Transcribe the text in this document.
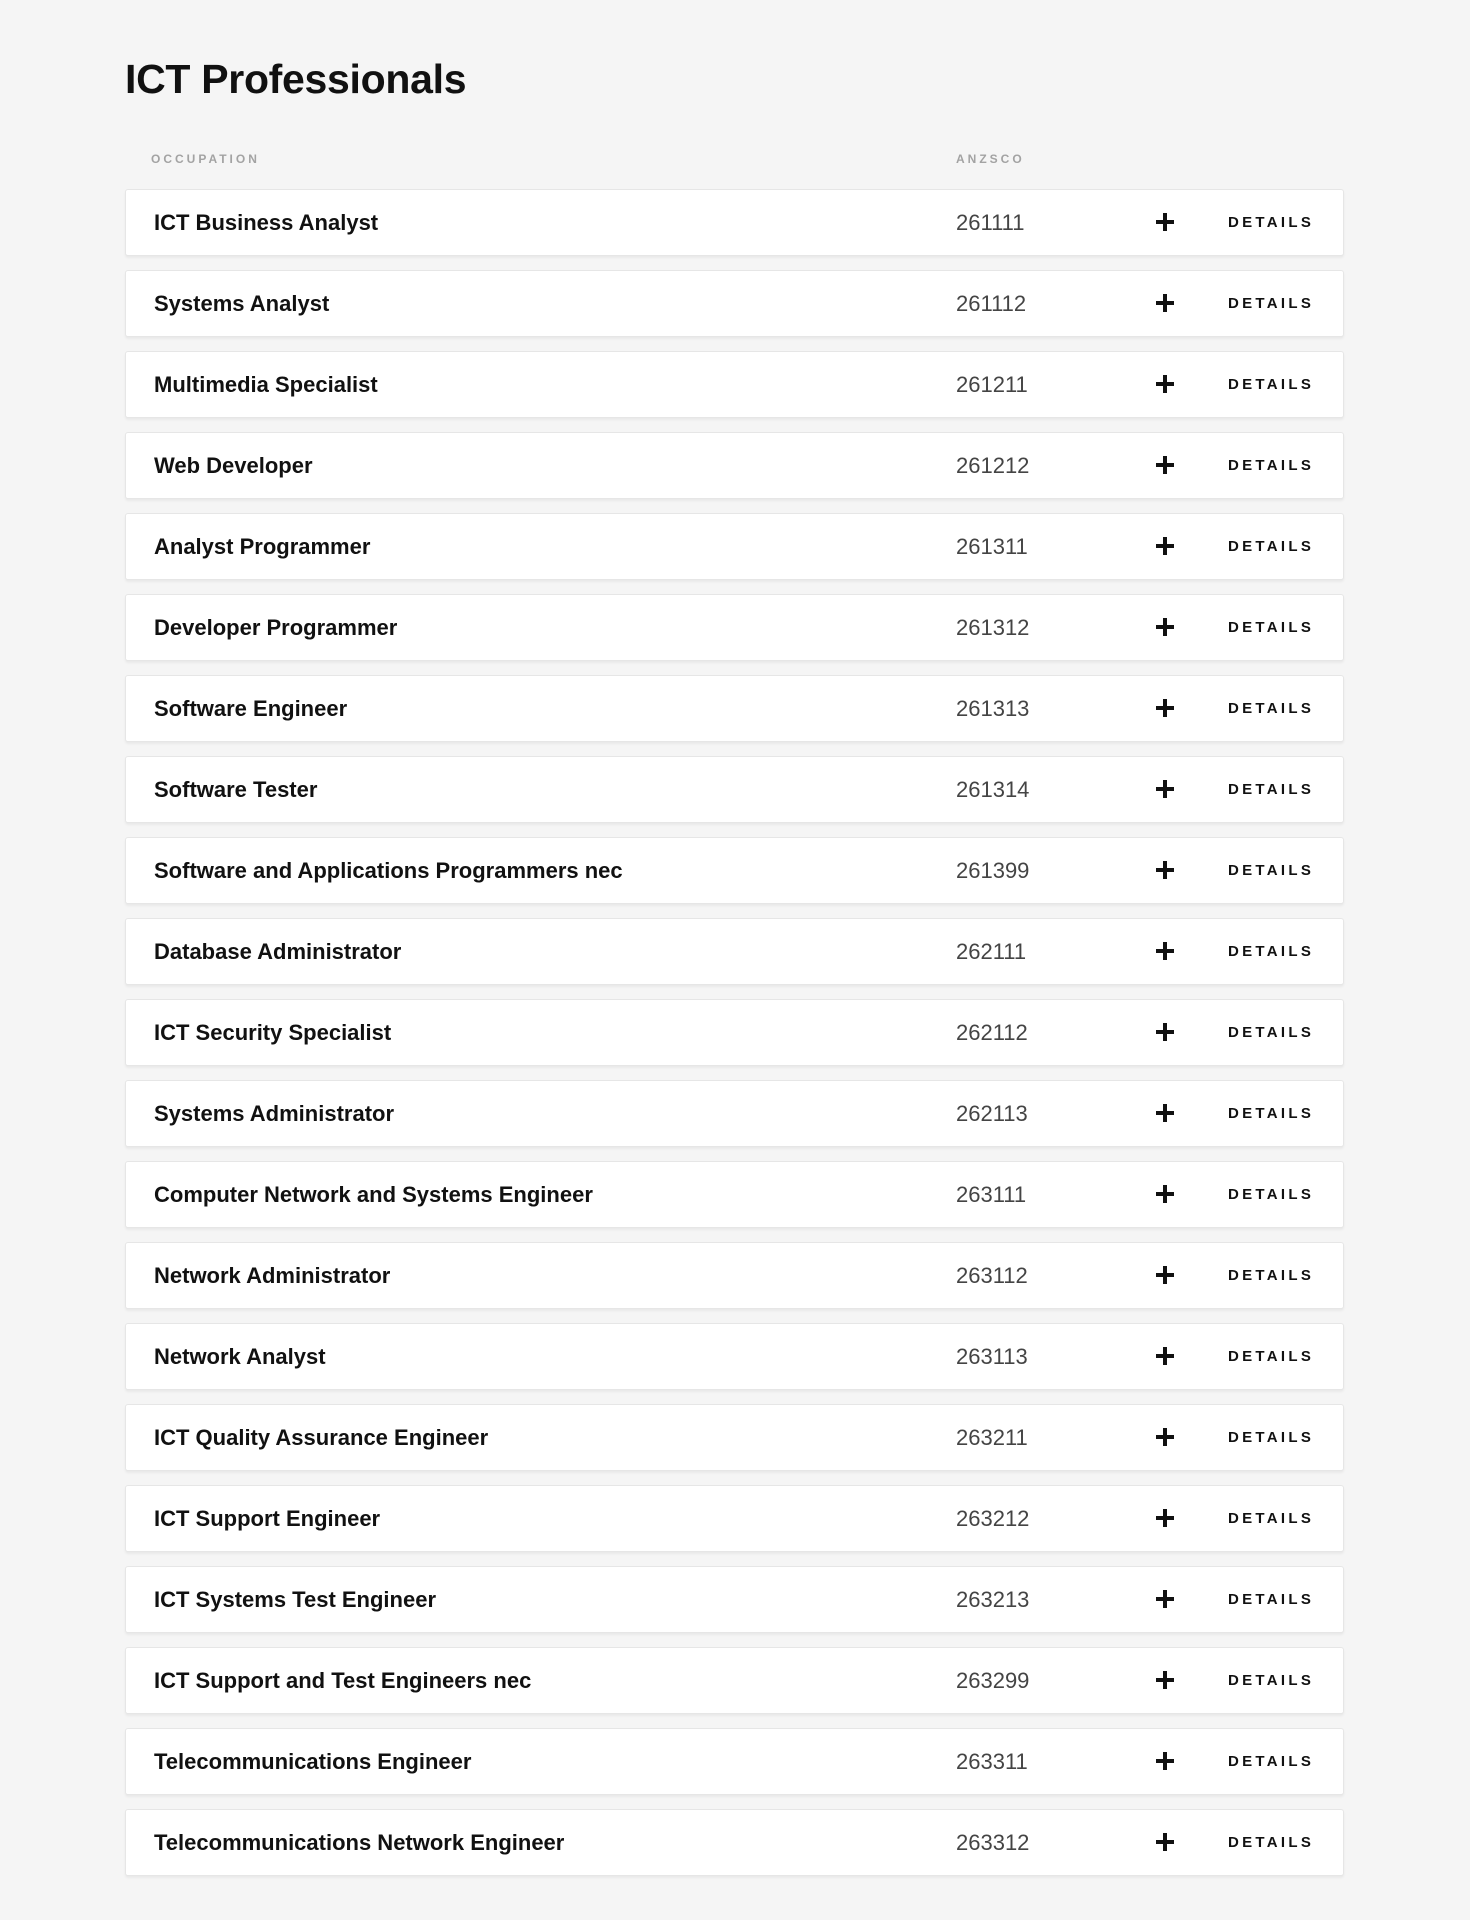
ICT Professionals
OCCUPATION	ANZSCO
ICT Business Analyst	261111	DETAILS
Systems Analyst	261112	DETAILS
Multimedia Specialist	261211	DETAILS
Web Developer	261212	DETAILS
Analyst Programmer	261311	DETAILS
Developer Programmer	261312	DETAILS
Software Engineer	261313	DETAILS
Software Tester	261314	DETAILS
Software and Applications Programmers nec	261399	DETAILS
Database Administrator	262111	DETAILS
ICT Security Specialist	262112	DETAILS
Systems Administrator	262113	DETAILS
Computer Network and Systems Engineer	263111	DETAILS
Network Administrator	263112	DETAILS
Network Analyst	263113	DETAILS
ICT Quality Assurance Engineer	263211	DETAILS
ICT Support Engineer	263212	DETAILS
ICT Systems Test Engineer	263213	DETAILS
ICT Support and Test Engineers nec	263299	DETAILS
Telecommunications Engineer	263311	DETAILS
Telecommunications Network Engineer	263312	DETAILS
